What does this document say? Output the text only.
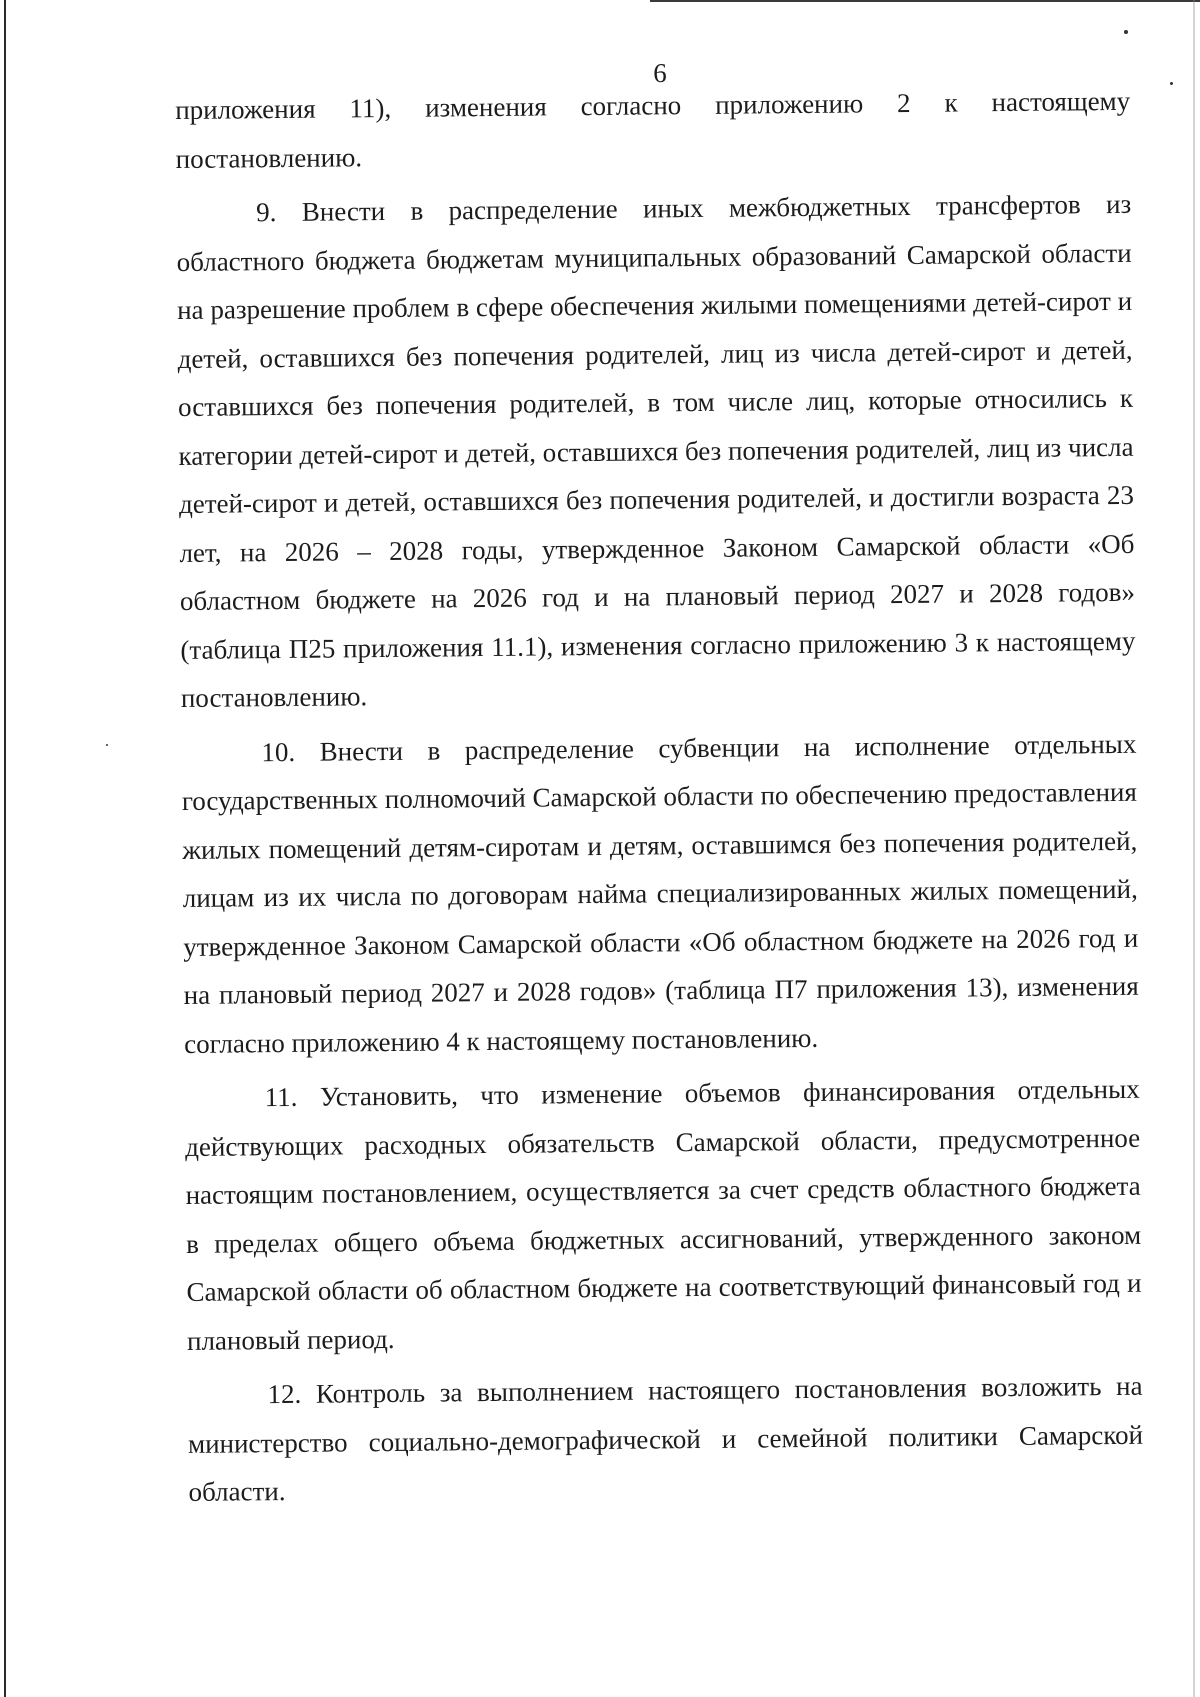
6

приложения 11), изменения согласно приложению 2 к настоящему постановлению.

9. Внести в распределение иных межбюджетных трансфертов из областного бюджета бюджетам муниципальных образований Самарской области на разрешение проблем в сфере обеспечения жилыми помещениями детей-сирот и детей, оставшихся без попечения родителей, лиц из числа детей-сирот и детей, оставшихся без попечения родителей, в том числе лиц, которые относились к категории детей-сирот и детей, оставшихся без попечения родителей, лиц из числа детей-сирот и детей, оставшихся без попечения родителей, и достигли возраста 23 лет, на 2026 – 2028 годы, утвержденное Законом Самарской области «Об областном бюджете на 2026 год и на плановый период 2027 и 2028 годов» (таблица П25 приложения 11.1), изменения согласно приложению 3 к настоящему постановлению.

10. Внести в распределение субвенции на исполнение отдельных государственных полномочий Самарской области по обеспечению предоставления жилых помещений детям-сиротам и детям, оставшимся без попечения родителей, лицам из их числа по договорам найма специализированных жилых помещений, утвержденное Законом Самарской области «Об областном бюджете на 2026 год и на плановый период 2027 и 2028 годов» (таблица П7 приложения 13), изменения согласно приложению 4 к настоящему постановлению.

11. Установить, что изменение объемов финансирования отдельных действующих расходных обязательств Самарской области, предусмотренное настоящим постановлением, осуществляется за счет средств областного бюджета в пределах общего объема бюджетных ассигнований, утвержденного законом Самарской области об областном бюджете на соответствующий финансовый год и плановый период.

12. Контроль за выполнением настоящего постановления возложить на министерство социально-демографической и семейной политики Самарской области.
